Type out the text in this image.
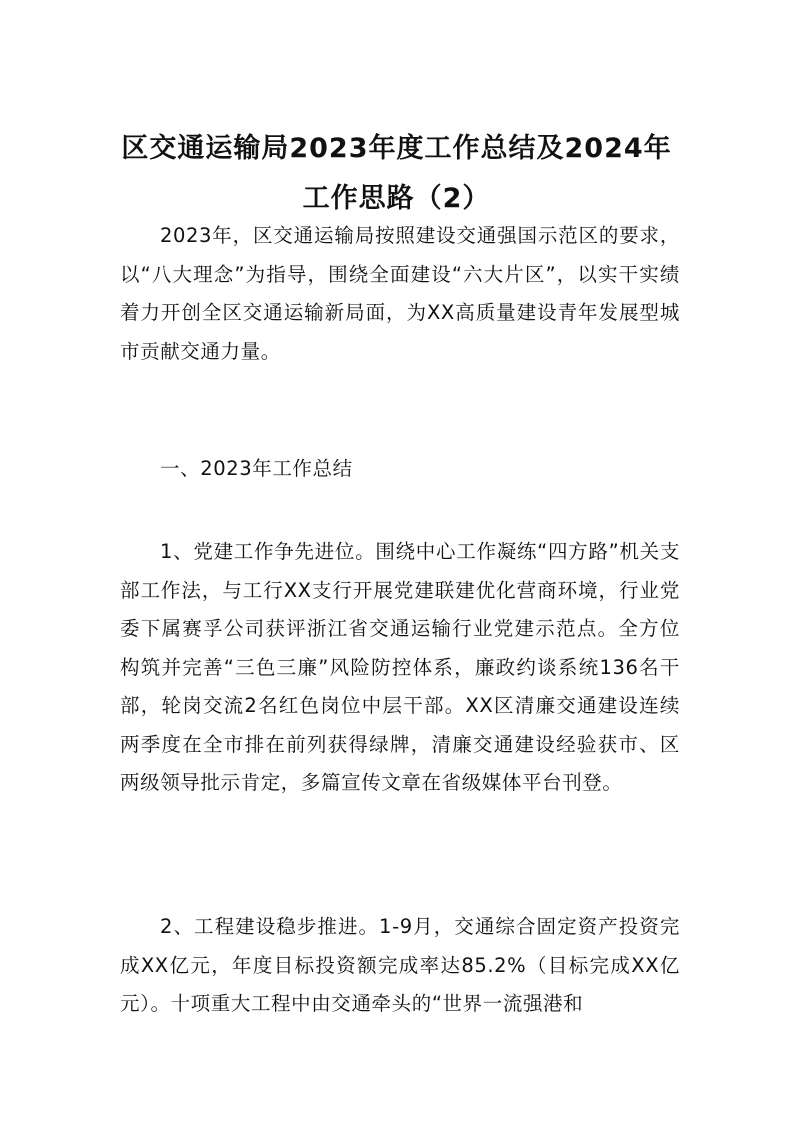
区交通运输局2023年度工作总结及2024年
工作思路（2）

2023年，区交通运输局按照建设交通强国示范区的要求，以“八大理念”为指导，围绕全面建设“六大片区”，以实干实绩着力开创全区交通运输新局面，为XX高质量建设青年发展型城市贡献交通力量。

一、2023年工作总结

1、党建工作争先进位。围绕中心工作凝练“四方路”机关支部工作法，与工行XX支行开展党建联建优化营商环境，行业党委下属赛孚公司获评浙江省交通运输行业党建示范点。全方位构筑并完善“三色三廉”风险防控体系，廉政约谈系统136名干部，轮岗交流2名红色岗位中层干部。XX区清廉交通建设连续两季度在全市排在前列获得绿牌，清廉交通建设经验获市、区两级领导批示肯定，多篇宣传文章在省级媒体平台刊登。

2、工程建设稳步推进。1-9月，交通综合固定资产投资完成XX亿元，年度目标投资额完成率达85.2%（目标完成XX亿元）。十项重大工程中由交通牵头的“世界一流强港和
